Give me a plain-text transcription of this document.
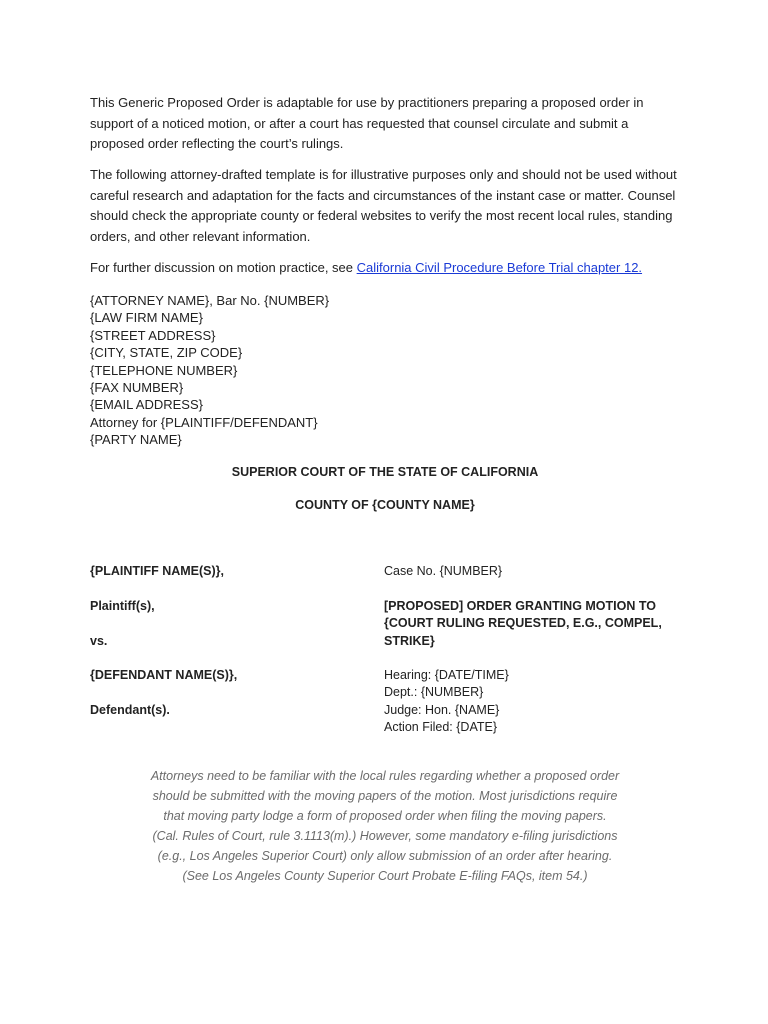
This Generic Proposed Order is adaptable for use by practitioners preparing a proposed order in support of a noticed motion, or after a court has requested that counsel circulate and submit a proposed order reflecting the court’s rulings.

The following attorney-drafted template is for illustrative purposes only and should not be used without careful research and adaptation for the facts and circumstances of the instant case or matter. Counsel should check the appropriate county or federal websites to verify the most recent local rules, standing orders, and other relevant information.

For further discussion on motion practice, see California Civil Procedure Before Trial chapter 12.

{ATTORNEY NAME}, Bar No. {NUMBER}
{LAW FIRM NAME}
{STREET ADDRESS}
{CITY, STATE, ZIP CODE}
{TELEPHONE NUMBER}
{FAX NUMBER}
{EMAIL ADDRESS}
Attorney for {PLAINTIFF/DEFENDANT}
{PARTY NAME}
SUPERIOR COURT OF THE STATE OF CALIFORNIA
COUNTY OF {COUNTY NAME}
{PLAINTIFF NAME(S)},
Plaintiff(s),
vs.
{DEFENDANT NAME(S)},
Defendant(s).
Case No. {NUMBER}
[PROPOSED] ORDER GRANTING MOTION TO
{COURT RULING REQUESTED, E.G., COMPEL,
STRIKE}
Hearing: {DATE/TIME}
Dept.: {NUMBER}
Judge: Hon. {NAME}
Action Filed: {DATE}
Attorneys need to be familiar with the local rules regarding whether a proposed order
should be submitted with the moving papers of the motion. Most jurisdictions require
that moving party lodge a form of proposed order when filing the moving papers.
(Cal. Rules of Court, rule 3.1113(m).) However, some mandatory e-filing jurisdictions
(e.g., Los Angeles Superior Court) only allow submission of an order after hearing.
(See Los Angeles County Superior Court Probate E-filing FAQs, item 54.)
